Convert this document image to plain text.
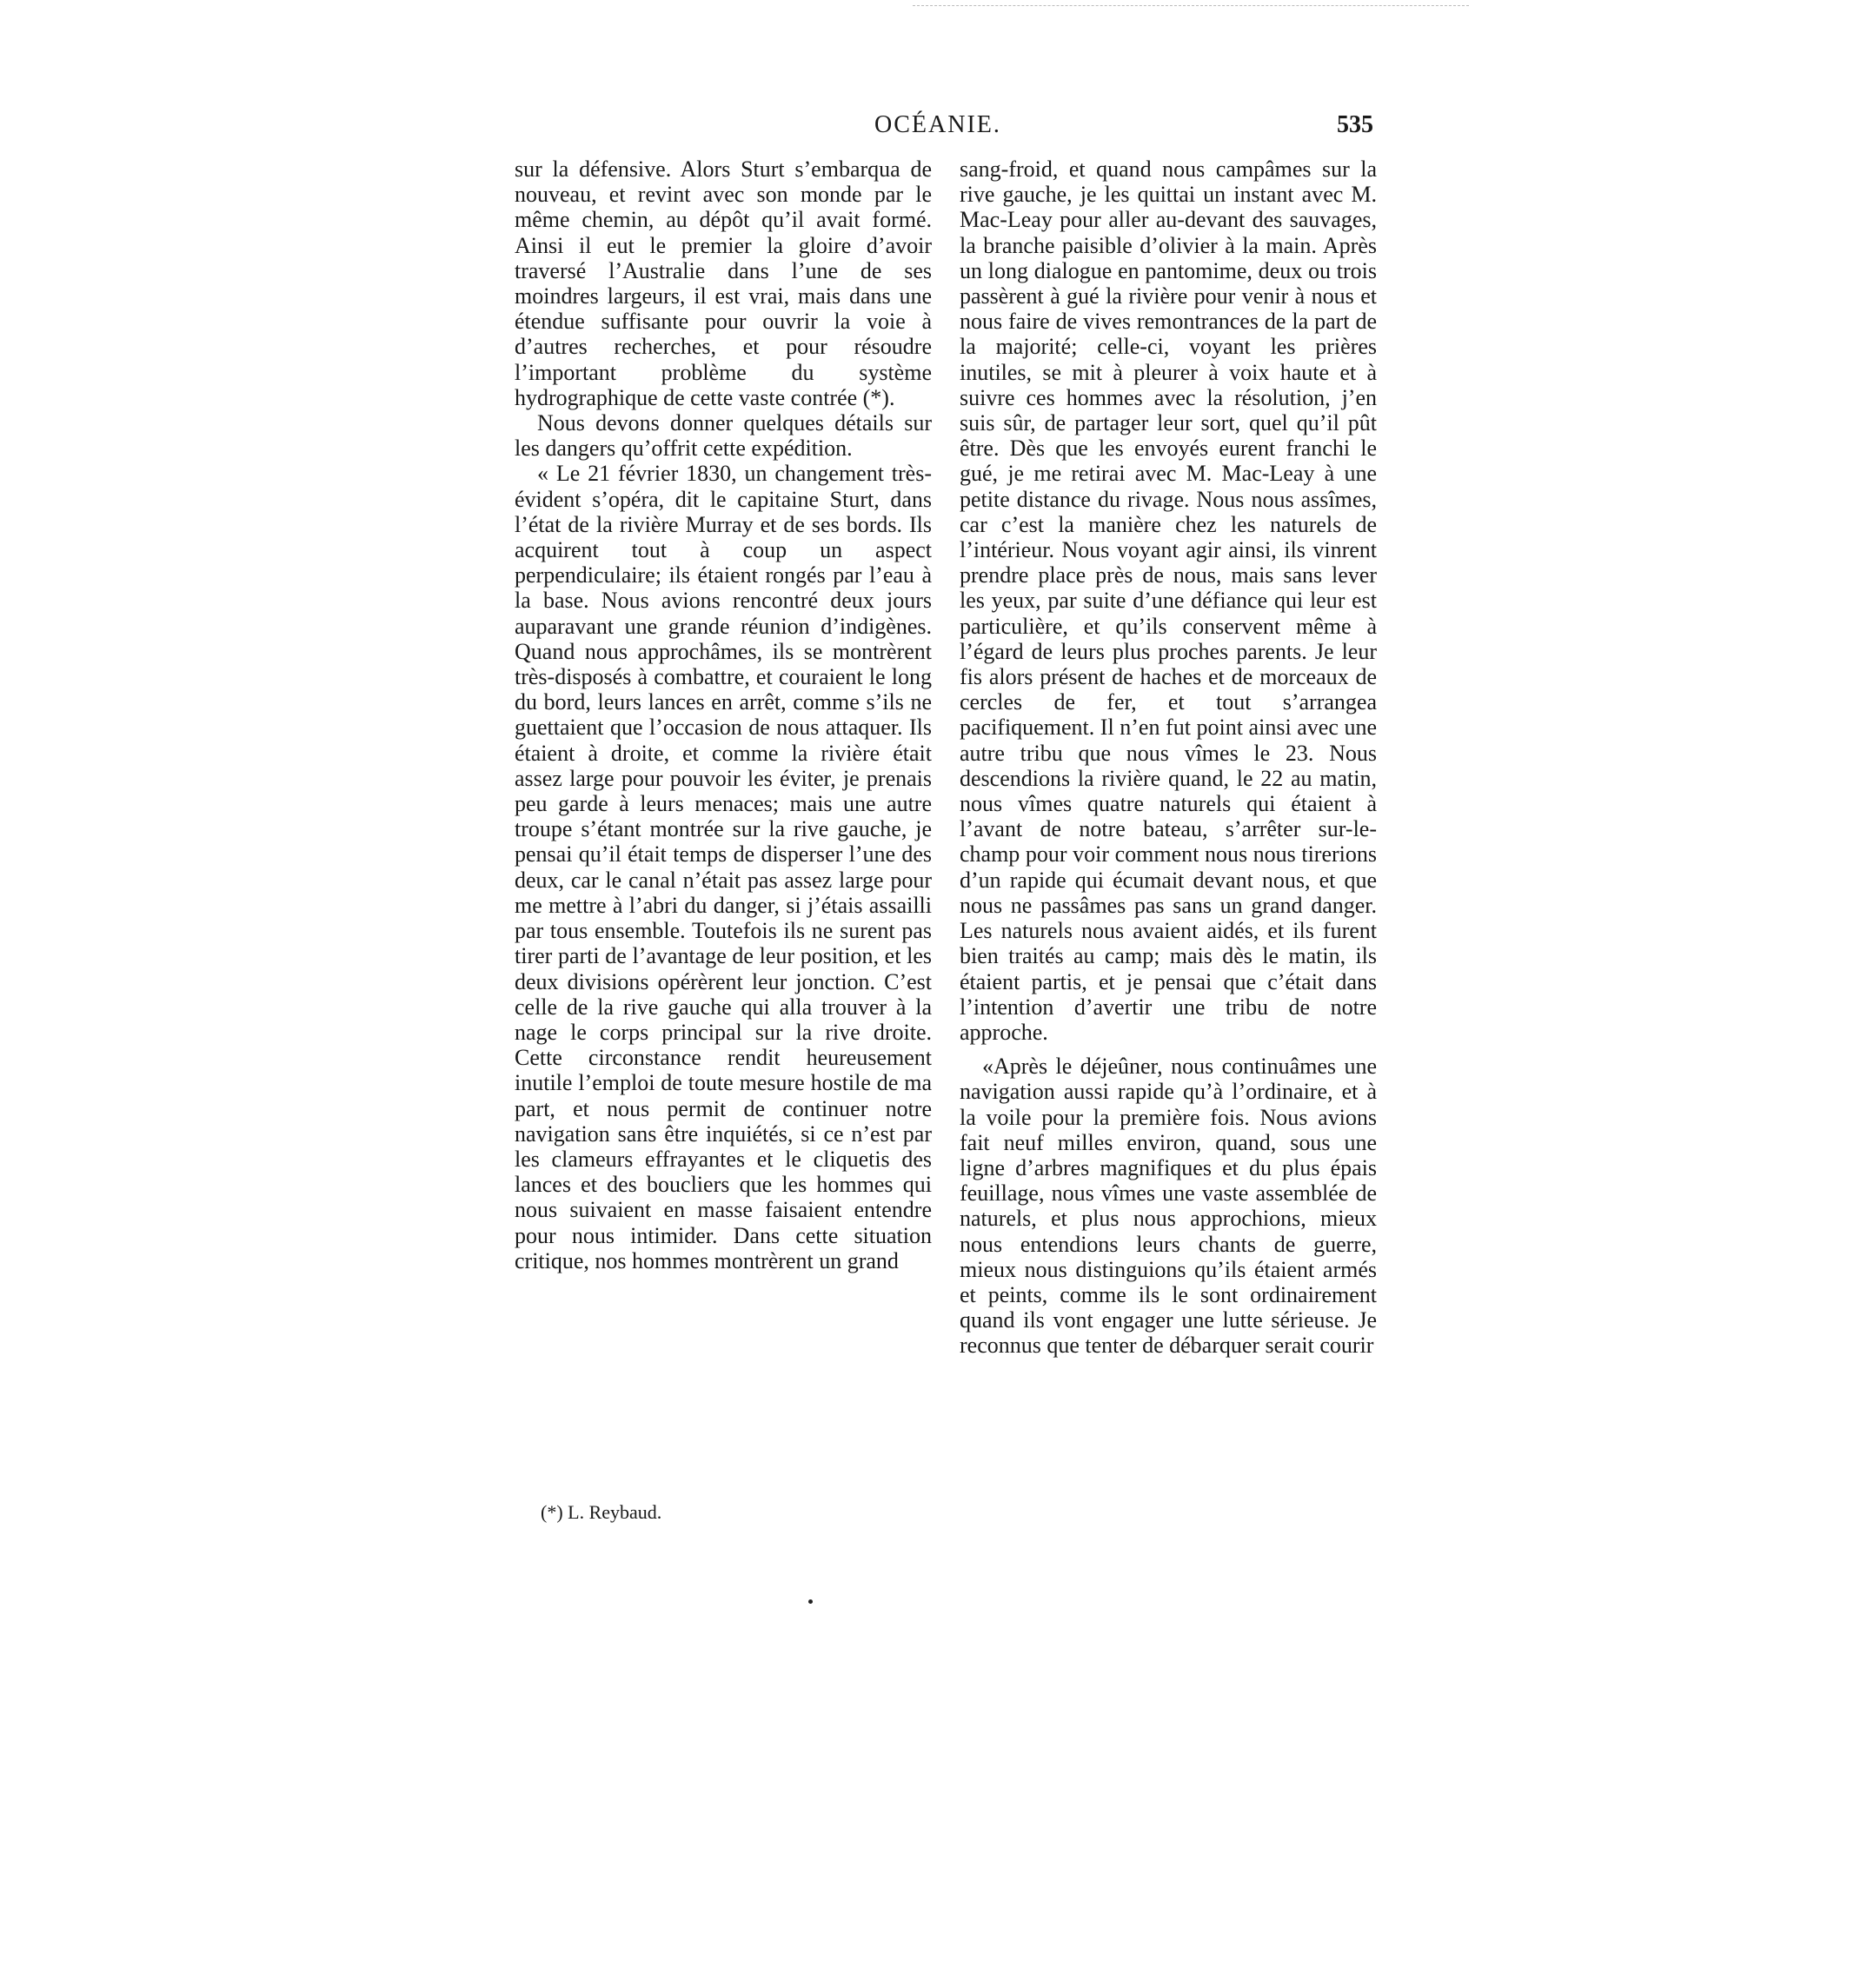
OCÉANIE.	535

sur la défensive. Alors Sturt s’embarqua de nouveau, et revint avec son monde par le même chemin, au dépôt qu’il avait formé. Ainsi il eut le premier la gloire d’avoir traversé l’Australie dans l’une de ses moindres largeurs, il est vrai, mais dans une étendue suffisante pour ouvrir la voie à d’autres recherches, et pour résoudre l’important problème du système hydrographique de cette vaste contrée (*).

Nous devons donner quelques détails sur les dangers qu’offrit cette expédition.

« Le 21 février 1830, un changement très-évident s’opéra, dit le capitaine Sturt, dans l’état de la rivière Murray et de ses bords. Ils acquirent tout à coup un aspect perpendiculaire; ils étaient rongés par l’eau à la base. Nous avions rencontré deux jours auparavant une grande réunion d’indigènes. Quand nous approchâmes, ils se montrèrent très-disposés à combattre, et couraient le long du bord, leurs lances en arrêt, comme s’ils ne guettaient que l’occasion de nous attaquer. Ils étaient à droite, et comme la rivière était assez large pour pouvoir les éviter, je prenais peu garde à leurs menaces; mais une autre troupe s’étant montrée sur la rive gauche, je pensai qu’il était temps de disperser l’une des deux, car le canal n’était pas assez large pour me mettre à l’abri du danger, si j’étais assailli par tous ensemble. Toutefois ils ne surent pas tirer parti de l’avantage de leur position, et les deux divisions opérèrent leur jonction. C’est celle de la rive gauche qui alla trouver à la nage le corps principal sur la rive droite. Cette circonstance rendit heureusement inutile l’emploi de toute mesure hostile de ma part, et nous permit de continuer notre navigation sans être inquiétés, si ce n’est par les clameurs effrayantes et le cliquetis des lances et des boucliers que les hommes qui nous suivaient en masse faisaient entendre pour nous intimider. Dans cette situation critique, nos hommes montrèrent un grand

(*) L. Reybaud.

sang-froid, et quand nous campâmes sur la rive gauche, je les quittai un instant avec M. Mac-Leay pour aller au-devant des sauvages, la branche paisible d’olivier à la main. Après un long dialogue en pantomime, deux ou trois passèrent à gué la rivière pour venir à nous et nous faire de vives remontrances de la part de la majorité; celle-ci, voyant les prières inutiles, se mit à pleurer à voix haute et à suivre ces hommes avec la résolution, j’en suis sûr, de partager leur sort, quel qu’il pût être. Dès que les envoyés eurent franchi le gué, je me retirai avec M. Mac-Leay à une petite distance du rivage. Nous nous assîmes, car c’est la manière chez les naturels de l’intérieur. Nous voyant agir ainsi, ils vinrent prendre place près de nous, mais sans lever les yeux, par suite d’une défiance qui leur est particulière, et qu’ils conservent même à l’égard de leurs plus proches parents. Je leur fis alors présent de haches et de morceaux de cercles de fer, et tout s’arrangea pacifiquement. Il n’en fut point ainsi avec une autre tribu que nous vîmes le 23. Nous descendions la rivière quand, le 22 au matin, nous vîmes quatre naturels qui étaient à l’avant de notre bateau, s’arrêter sur-le-champ pour voir comment nous nous tirerions d’un rapide qui écumait devant nous, et que nous ne passâmes pas sans un grand danger. Les naturels nous avaient aidés, et ils furent bien traités au camp; mais dès le matin, ils étaient partis, et je pensai que c’était dans l’intention d’avertir une tribu de notre approche.

«Après le déjeûner, nous continuâmes une navigation aussi rapide qu’à l’ordinaire, et à la voile pour la première fois. Nous avions fait neuf milles environ, quand, sous une ligne d’arbres magnifiques et du plus épais feuillage, nous vîmes une vaste assemblée de naturels, et plus nous approchions, mieux nous entendions leurs chants de guerre, mieux nous distinguions qu’ils étaient armés et peints, comme ils le sont ordinairement quand ils vont engager une lutte sérieuse. Je reconnus que tenter de débarquer serait courir
